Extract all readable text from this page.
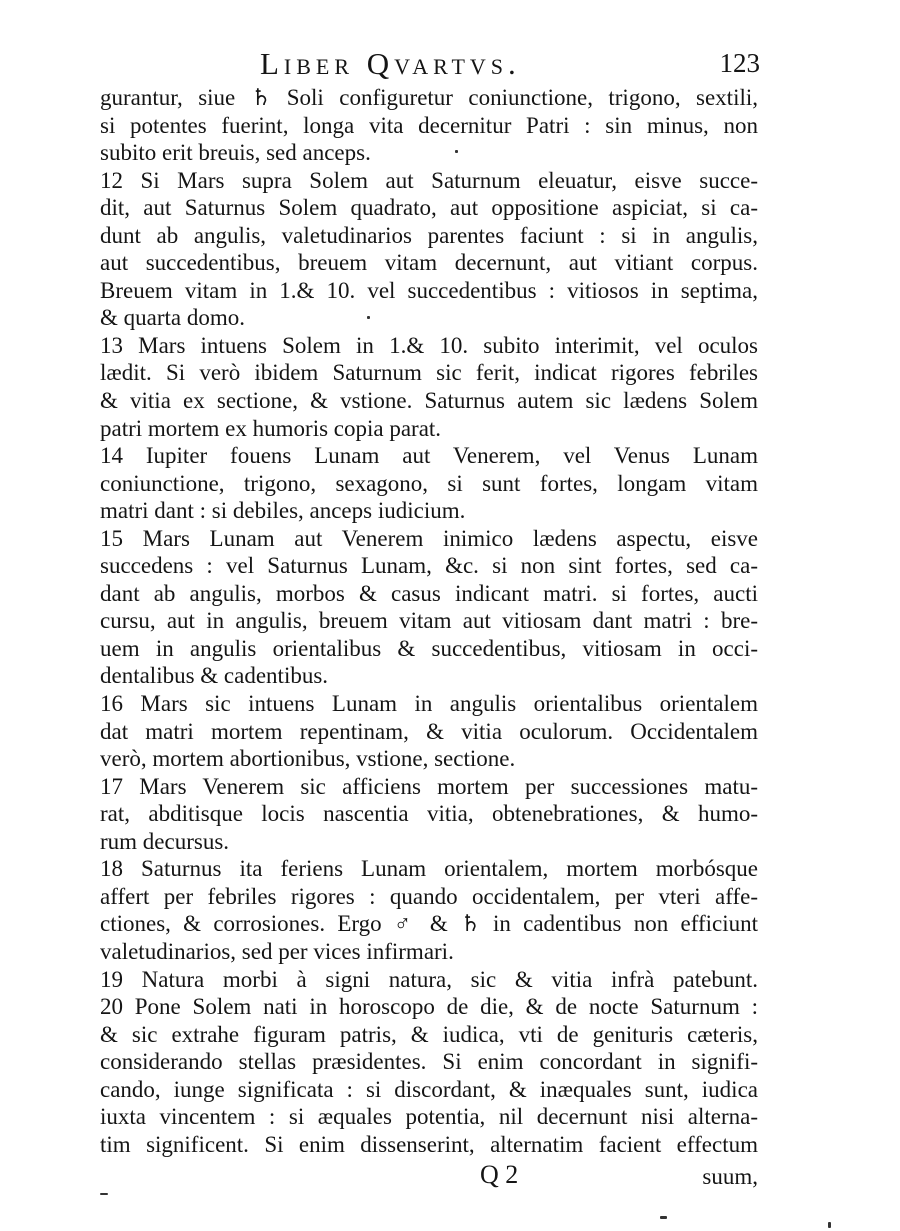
Liber Qvartvs.	123
gurantur, siue ♄ Soli configuretur coniunctione, trigono, sextili,
si potentes fuerint, longa vita decernitur Patri : sin minus, non
subito erit breuis, sed anceps.
12 Si Mars supra Solem aut Saturnum eleuatur, eisve succe-
dit, aut Saturnus Solem quadrato, aut oppositione aspiciat, si ca-
dunt ab angulis, valetudinarios parentes faciunt : si in angulis,
aut succedentibus, breuem vitam decernunt, aut vitiant corpus.
Breuem vitam in 1.& 10. vel succedentibus : vitiosos in septima,
& quarta domo.
13 Mars intuens Solem in 1.& 10. subito interimit, vel oculos
lædit. Si verò ibidem Saturnum sic ferit, indicat rigores febriles
& vitia ex sectione, & vstione. Saturnus autem sic lædens Solem
patri mortem ex humoris copia parat.
14 Iupiter fouens Lunam aut Venerem, vel Venus Lunam
coniunctione, trigono, sexagono, si sunt fortes, longam vitam
matri dant : si debiles, anceps iudicium.
15 Mars Lunam aut Venerem inimico lædens aspectu, eisve
succedens : vel Saturnus Lunam, &c. si non sint fortes, sed ca-
dant ab angulis, morbos & casus indicant matri. si fortes, aucti
cursu, aut in angulis, breuem vitam aut vitiosam dant matri : bre-
uem in angulis orientalibus & succedentibus, vitiosam in occi-
dentalibus & cadentibus.
16 Mars sic intuens Lunam in angulis orientalibus orientalem
dat matri mortem repentinam, & vitia oculorum. Occidentalem
verò, mortem abortionibus, vstione, sectione.
17 Mars Venerem sic afficiens mortem per successiones matu-
rat, abditisque locis nascentia vitia, obtenebrationes, & humo-
rum decursus.
18 Saturnus ita feriens Lunam orientalem, mortem morbósque
affert per febriles rigores : quando occidentalem, per vteri affe-
ctiones, & corrosiones. Ergo ♂ & ♄ in cadentibus non efficiunt
valetudinarios, sed per vices infirmari.
19 Natura morbi à signi natura, sic & vitia infrà patebunt.
20 Pone Solem nati in horoscopo de die, & de nocte Saturnum :
& sic extrahe figuram patris, & iudica, vti de genituris cæteris,
considerando stellas præsidentes. Si enim concordant in signifi-
cando, iunge significata : si discordant, & inæquales sunt, iudica
iuxta vincentem : si æquales potentia, nil decernunt nisi alterna-
tim significent. Si enim dissenserint, alternatim facient effectum
Q 2	suum,
